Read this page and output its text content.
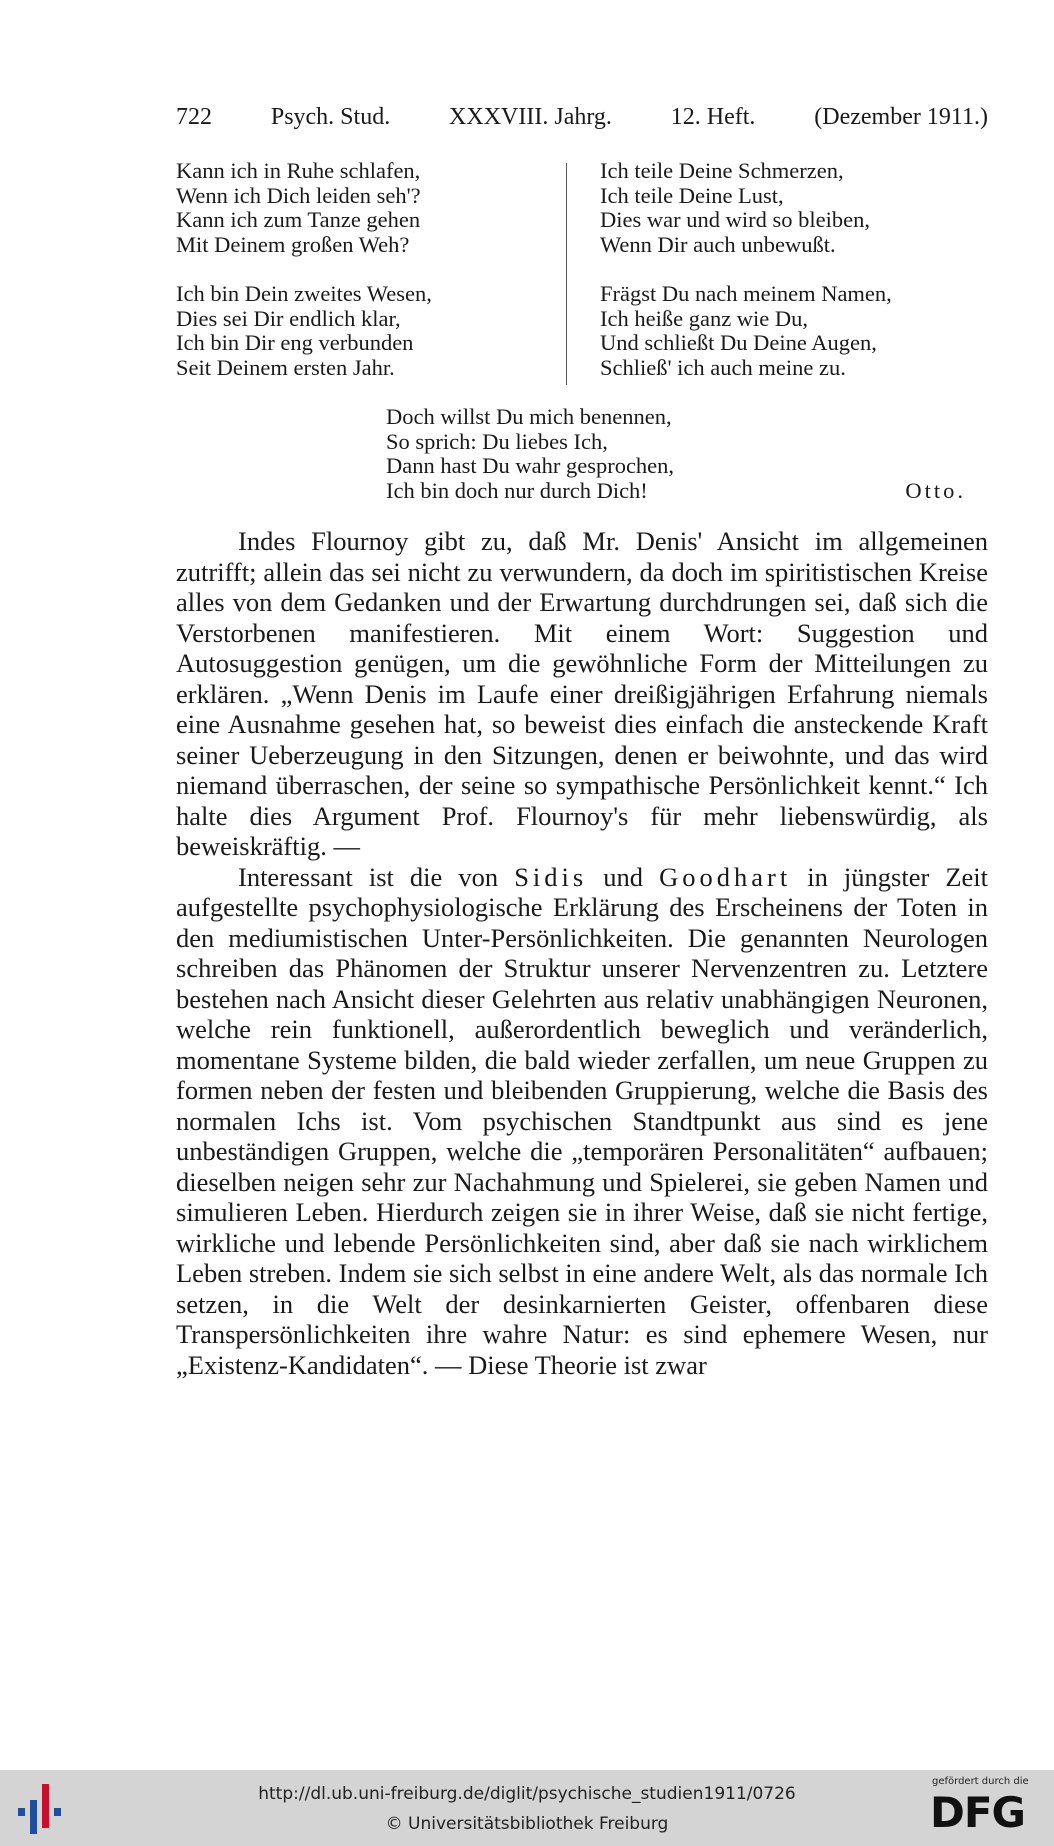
722 Psych. Stud. XXXVIII. Jahrg. 12. Heft. (Dezember 1911.)
Kann ich in Ruhe schlafen,
Wenn ich Dich leiden seh'?
Kann ich zum Tanze gehen
Mit Deinem großen Weh?
Ich bin Dein zweites Wesen,
Dies sei Dir endlich klar,
Ich bin Dir eng verbunden
Seit Deinem ersten Jahr.
Ich teile Deine Schmerzen,
Ich teile Deine Lust,
Dies war und wird so bleiben,
Wenn Dir auch unbewußt.
Frägst Du nach meinem Namen,
Ich heiße ganz wie Du,
Und schließt Du Deine Augen,
Schließ' ich auch meine zu.
Doch willst Du mich benennen,
So sprich: Du liebes Ich,
Dann hast Du wahr gesprochen,
Ich bin doch nur durch Dich!	Otto.

Indes Flournoy gibt zu, daß Mr. Denis' Ansicht im allgemeinen zutrifft; allein das sei nicht zu verwundern, da doch im spiritistischen Kreise alles von dem Gedanken und der Erwartung durchdrungen sei, daß sich die Verstorbenen manifestieren. Mit einem Wort: Suggestion und Autosuggestion genügen, um die gewöhnliche Form der Mitteilungen zu erklären. „Wenn Denis im Laufe einer dreißigjährigen Erfahrung niemals eine Ausnahme gesehen hat, so beweist dies einfach die ansteckende Kraft seiner Ueberzeugung in den Sitzungen, denen er beiwohnte, und das wird niemand überraschen, der seine so sympathische Persönlichkeit kennt.“ Ich halte dies Argument Prof. Flournoy's für mehr liebenswürdig, als beweiskräftig. —

Interessant ist die von Sidis und Goodhart in jüngster Zeit aufgestellte psychophysiologische Erklärung des Erscheinens der Toten in den mediumistischen Unter-Persönlichkeiten. Die genannten Neurologen schreiben das Phänomen der Struktur unserer Nervenzentren zu. Letztere bestehen nach Ansicht dieser Gelehrten aus relativ unabhängigen Neuronen, welche rein funktionell, außerordentlich beweglich und veränderlich, momentane Systeme bilden, die bald wieder zerfallen, um neue Gruppen zu formen neben der festen und bleibenden Gruppierung, welche die Basis des normalen Ichs ist. Vom psychischen Standtpunkt aus sind es jene unbeständigen Gruppen, welche die „temporären Personalitäten“ aufbauen; dieselben neigen sehr zur Nachahmung und Spielerei, sie geben Namen und simulieren Leben. Hierdurch zeigen sie in ihrer Weise, daß sie nicht fertige, wirkliche und lebende Persönlichkeiten sind, aber daß sie nach wirklichem Leben streben. Indem sie sich selbst in eine andere Welt, als das normale Ich setzen, in die Welt der desinkarnierten Geister, offenbaren diese Transpersönlichkeiten ihre wahre Natur: es sind ephemere Wesen, nur „Existenz-Kandidaten“. — Diese Theorie ist zwar

http://dl.ub.uni-freiburg.de/diglit/psychische_studien1911/0726
© Universitätsbibliothek Freiburg
gefördert durch die
DFG
